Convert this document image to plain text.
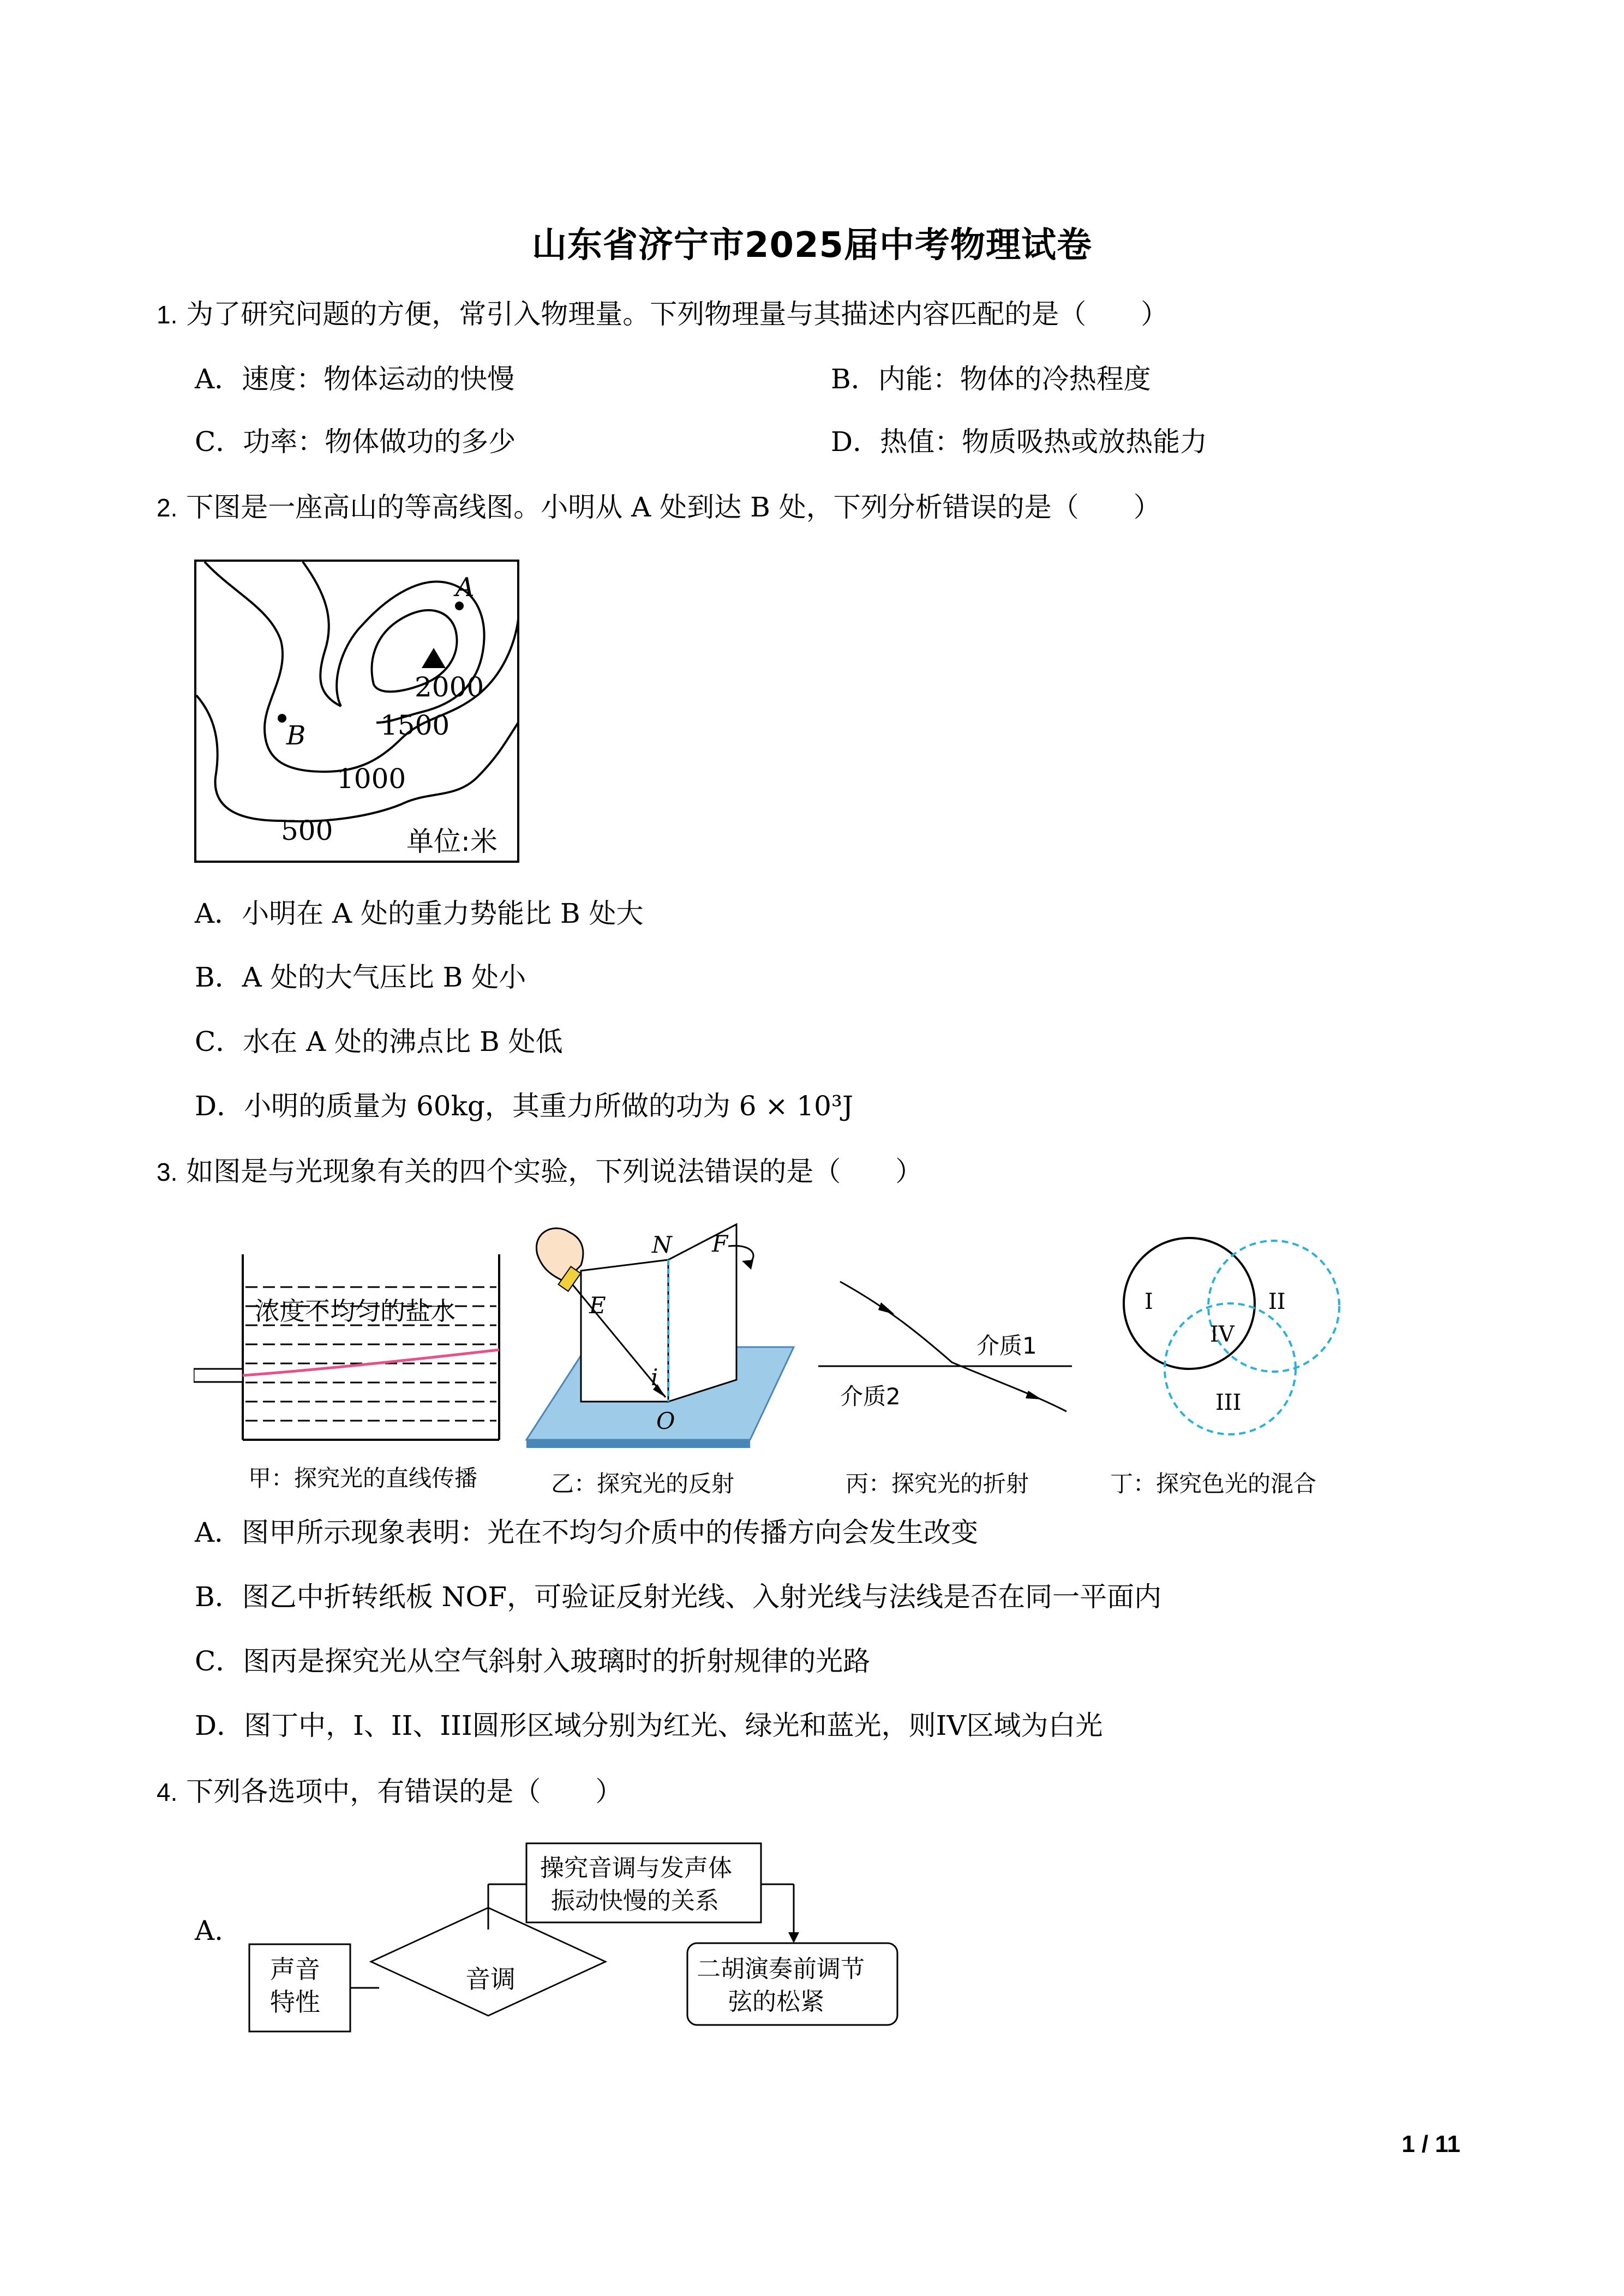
山东省济宁市2025届中考物理试卷
1. 为了研究问题的方便，常引入物理量。下列物理量与其描述内容匹配的是（　　）
A．速度：物体运动的快慢	B．内能：物体的冷热程度
C．功率：物体做功的多少	D．热值：物质吸热或放热能力
2. 下图是一座高山的等高线图。小明从 A 处到达 B 处，下列分析错误的是（　　）
A
B
2000
1500
1000
500	单位:米
A．小明在 A 处的重力势能比 B 处大
B．A 处的大气压比 B 处小
C．水在 A 处的沸点比 B 处低
D．小明的质量为 60kg，其重力所做的功为 6 × 10³J
3. 如图是与光现象有关的四个实验，下列说法错误的是（　　）
浓度不均匀的盐水
甲：探究光的直线传播
N F
E
i
O
乙：探究光的反射
介质1
介质2
丙：探究光的折射
I	II
III
IV
丁：探究色光的混合
A．图甲所示现象表明：光在不均匀介质中的传播方向会发生改变
B．图乙中折转纸板 NOF，可验证反射光线、入射光线与法线是否在同一平面内
C．图丙是探究光从空气斜射入玻璃时的折射规律的光路
D．图丁中，I、II、III圆形区域分别为红光、绿光和蓝光，则IV区域为白光
4. 下列各选项中，有错误的是（　　）
A.
声音
特性
音调
操究音调与发声体
振动快慢的关系
二胡演奏前调节
弦的松紧
1 / 11
